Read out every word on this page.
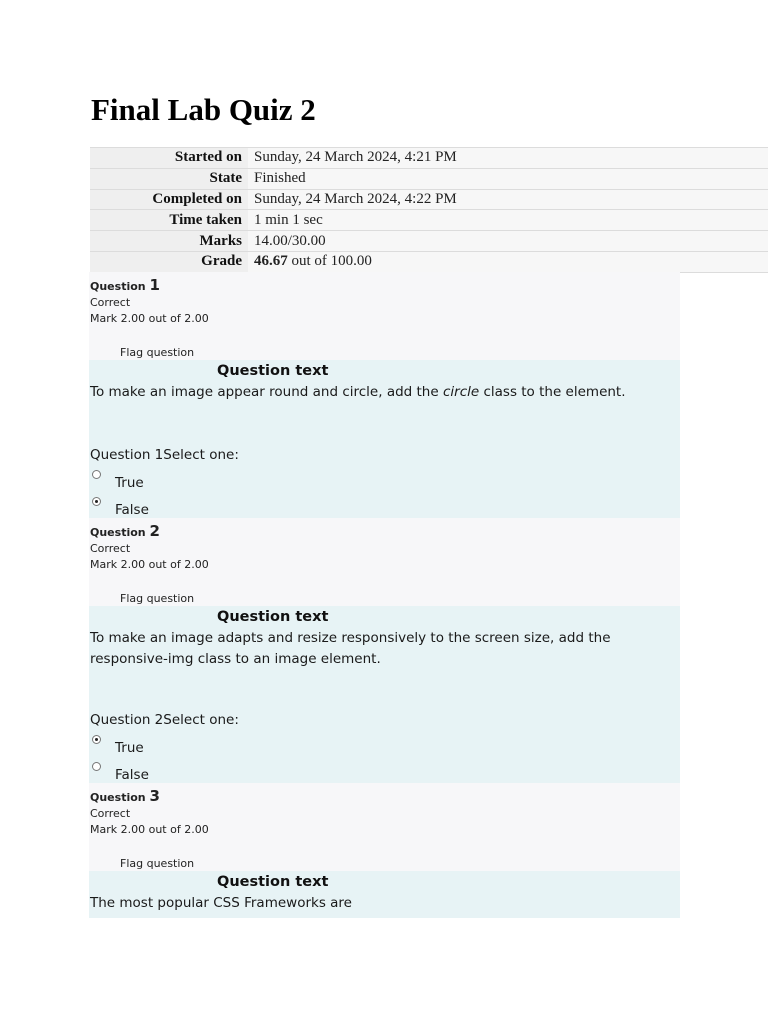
Final Lab Quiz 2
Started on	Sunday, 24 March 2024, 4:21 PM
State	Finished
Completed on	Sunday, 24 March 2024, 4:22 PM
Time taken	1 min 1 sec
Marks	14.00/30.00
Grade	46.67 out of 100.00
Question 1
Correct
Mark 2.00 out of 2.00
Flag question
Question text
To make an image appear round and circle, add the circle class to the element.
Question 1Select one:
True
False
Question 2
Correct
Mark 2.00 out of 2.00
Flag question
Question text
To make an image adapts and resize responsively to the screen size, add the responsive-img class to an image element.
Question 2Select one:
True
False
Question 3
Correct
Mark 2.00 out of 2.00
Flag question
Question text
The most popular CSS Frameworks are
